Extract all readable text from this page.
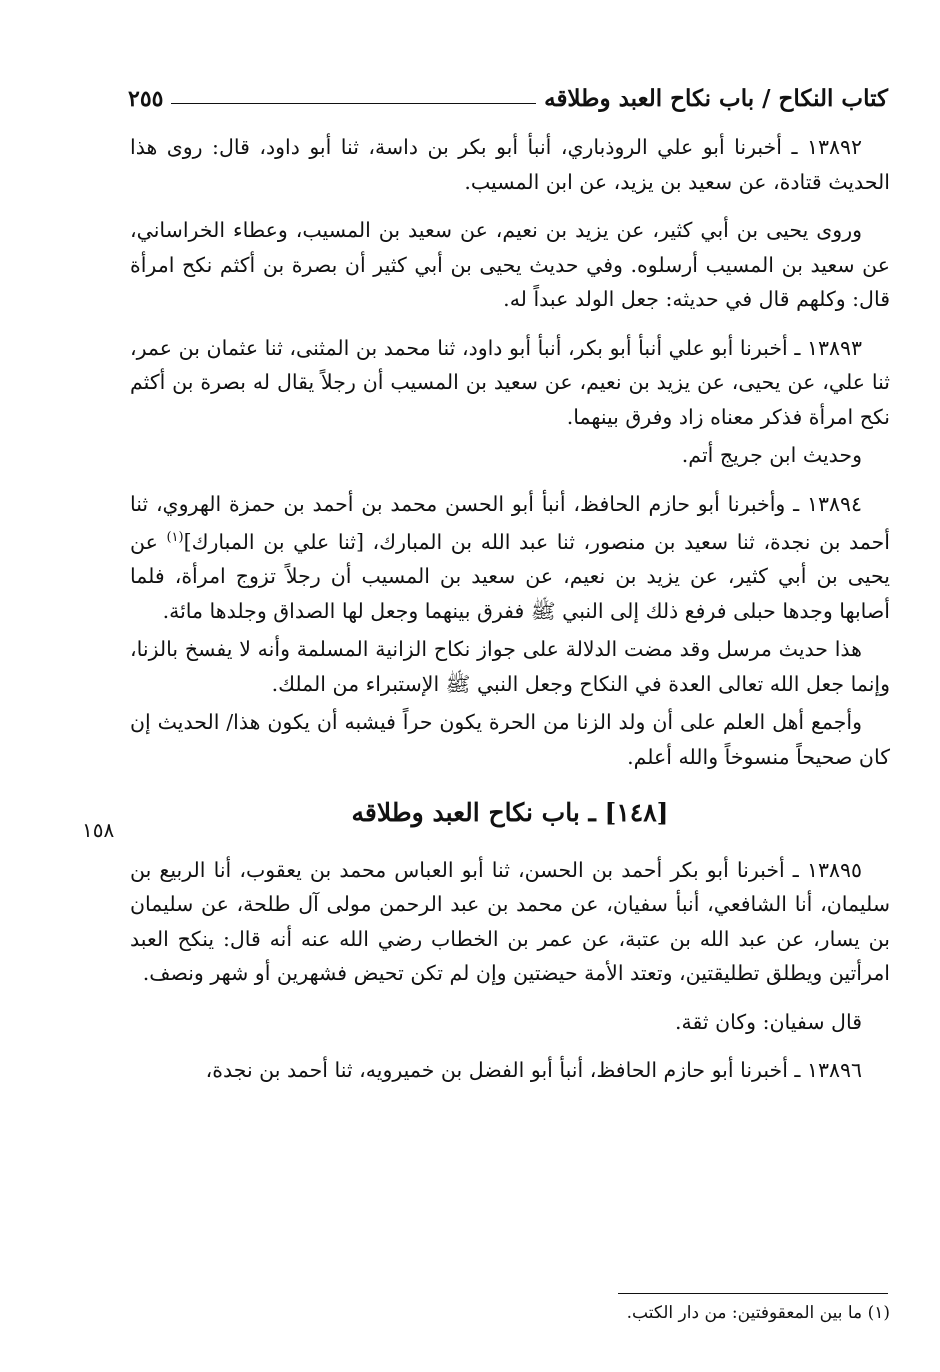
كتاب النكاح / باب نكاح العبد وطلاقه
٢٥٥

١٣٨٩٢ ـ أخبرنا أبو علي الروذباري، أنبأ أبو بكر بن داسة، ثنا أبو داود، قال: روى هذا الحديث قتادة، عن سعيد بن يزيد، عن ابن المسيب.

وروى يحيى بن أبي كثير، عن يزيد بن نعيم، عن سعيد بن المسيب، وعطاء الخراساني، عن سعيد بن المسيب أرسلوه. وفي حديث يحيى بن أبي كثير أن بصرة بن أكثم نكح امرأة قال: وكلهم قال في حديثه: جعل الولد عبداً له.

١٣٨٩٣ ـ أخبرنا أبو علي أنبأ أبو بكر، أنبأ أبو داود، ثنا محمد بن المثنى، ثنا عثمان بن عمر، ثنا علي، عن يحيى، عن يزيد بن نعيم، عن سعيد بن المسيب أن رجلاً يقال له بصرة بن أكثم نكح امرأة فذكر معناه زاد وفرق بينهما.

وحديث ابن جريج أتم.

١٣٨٩٤ ـ وأخبرنا أبو حازم الحافظ، أنبأ أبو الحسن محمد بن أحمد بن حمزة الهروي، ثنا أحمد بن نجدة، ثنا سعيد بن منصور، ثنا عبد الله بن المبارك، [ثنا علي بن المبارك]$^{(١)}$ عن يحيى بن أبي كثير، عن يزيد بن نعيم، عن سعيد بن المسيب أن رجلاً تزوج امرأة، فلما أصابها وجدها حبلى فرفع ذلك إلى النبي ﷺ ففرق بينهما وجعل لها الصداق وجلدها مائة.

هذا حديث مرسل وقد مضت الدلالة على جواز نكاح الزانية المسلمة وأنه لا يفسخ بالزنا، وإنما جعل الله تعالى العدة في النكاح وجعل النبي ﷺ الإستبراء من الملك.

وأجمع أهل العلم على أن ولد الزنا من الحرة يكون حراً فيشبه أن يكون هذا/ الحديث إن كان صحيحاً منسوخاً والله أعلم.

[١٤٨] ـ باب نكاح العبد وطلاقه

١٣٨٩٥ ـ أخبرنا أبو بكر أحمد بن الحسن، ثنا أبو العباس محمد بن يعقوب، أنا الربيع بن سليمان، أنا الشافعي، أنبأ سفيان، عن محمد بن عبد الرحمن مولى آل طلحة، عن سليمان بن يسار، عن عبد الله بن عتبة، عن عمر بن الخطاب رضي الله عنه أنه قال: ينكح العبد امرأتين ويطلق تطليقتين، وتعتد الأمة حيضتين وإن لم تكن تحيض فشهرين أو شهر ونصف.

قال سفيان: وكان ثقة.

١٣٨٩٦ ـ أخبرنا أبو حازم الحافظ، أنبأ أبو الفضل بن خميرويه، ثنا أحمد بن نجدة،

١٥٨
(١) ما بين المعقوفتين: من دار الكتب.
